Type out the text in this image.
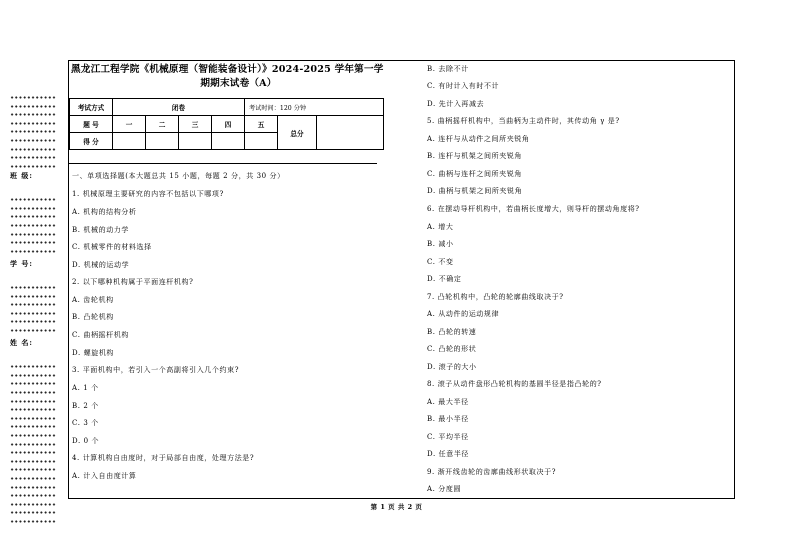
班 级:
学 号:
姓 名:
黑龙江工程学院《机械原理（智能装备设计）》2024-2025 学年第一学
期期末试卷（A）
考试方式	闭卷				考试时间：120 分钟		
题 号	一	二	三	四	五	总分	
得 分							
一、单项选择题(本大题总共 15 小题，每题 2 分，共 30 分）
1. 机械原理主要研究的内容不包括以下哪项?
A. 机构的结构分析
B. 机械的动力学
C. 机械零件的材料选择
D. 机械的运动学
2. 以下哪种机构属于平面连杆机构?
A. 齿轮机构
B. 凸轮机构
C. 曲柄摇杆机构
D. 螺旋机构
3. 平面机构中，若引入一个高副将引入几个约束?
A. 1 个
B. 2 个
C. 3 个
D. 0 个
4. 计算机构自由度时，对于局部自由度，处理方法是?
A. 计入自由度计算
B. 去除不计
C. 有时计入有时不计
D. 先计入再减去
5. 曲柄摇杆机构中，当曲柄为主动件时，其传动角 γ 是?
A. 连杆与从动件之间所夹锐角
B. 连杆与机架之间所夹锐角
C. 曲柄与连杆之间所夹锐角
D. 曲柄与机架之间所夹锐角
6. 在摆动导杆机构中，若曲柄长度增大，则导杆的摆动角度将?
A. 增大
B. 减小
C. 不变
D. 不确定
7. 凸轮机构中，凸轮的轮廓曲线取决于?
A. 从动件的运动规律
B. 凸轮的转速
C. 凸轮的形状
D. 滚子的大小
8. 滚子从动件盘形凸轮机构的基圆半径是指凸轮的?
A. 最大半径
B. 最小半径
C. 平均半径
D. 任意半径
9. 渐开线齿轮的齿廓曲线形状取决于?
A. 分度圆
第 1 页 共 2 页
